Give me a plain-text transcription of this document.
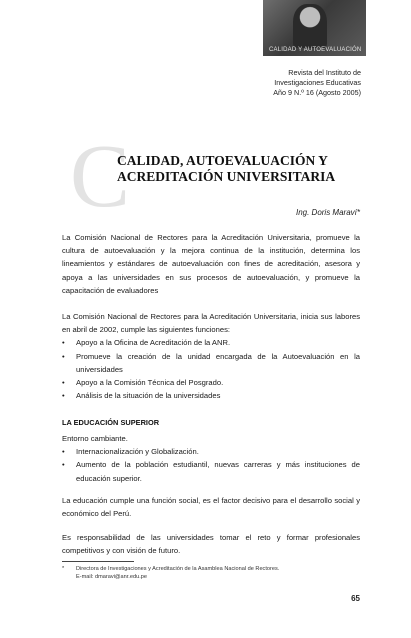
CALIDAD Y AUTOEVALUACIÓN
Revista del Instituto de
Investigaciones Educativas
Año 9 N.º 16 (Agosto 2005)
C
CALIDAD, AUTOEVALUACIÓN Y ACREDITACIÓN UNIVERSITARIA
Ing. Doris Maraví*
La Comisión Nacional de Rectores para la Acreditación Universitaria, promueve la cultura de autoevaluación y la mejora continua de la institución, determina los lineamientos y estándares de autoevaluación con fines de acreditación, asesora y apoya a las universidades en sus procesos de autoevaluación, y promueve la capacitación de evaluadores
La Comisión Nacional de Rectores para la Acreditación Universitaria, inicia sus labores en abril de 2002, cumple las siguientes funciones:
• Apoyo a la Oficina de Acreditación de la ANR.
• Promueve la creación de la unidad encargada de la Autoevaluación en la universidades
• Apoyo a la Comisión Técnica del Posgrado.
• Análisis de la situación de la universidades
LA EDUCACIÓN SUPERIOR
Entorno cambiante.
• Internacionalización y Globalización.
• Aumento de la población estudiantil, nuevas carreras y más instituciones de educación superior.
La educación cumple una función social, es el factor decisivo para el desarrollo social y económico del Perú.
Es responsabilidad de las universidades tomar el reto y formar profesionales competitivos y con visión de futuro.
* Directora de Investigaciones y Acreditación de la Asamblea Nacional de Rectores.
E-mail: dmaravi@anr.edu.pe
65
